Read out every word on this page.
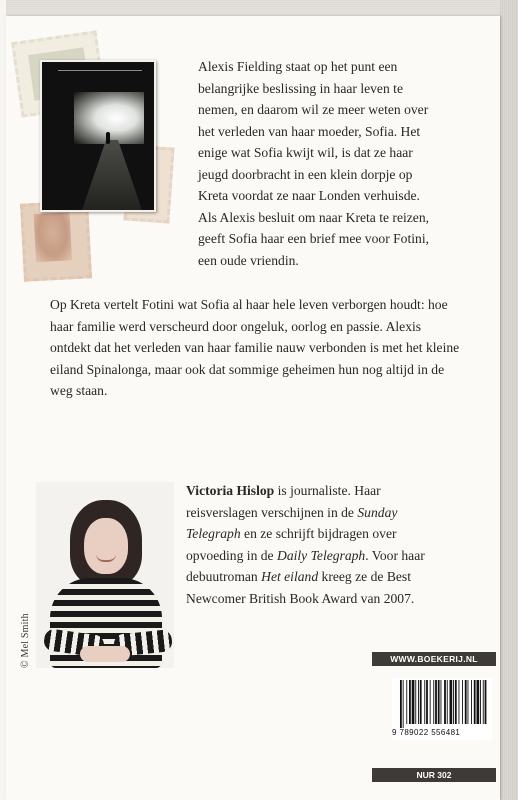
Alexis Fielding staat op het punt een belangrijke beslissing in haar leven te nemen, en daarom wil ze meer weten over het verleden van haar moeder, Sofia. Het enige wat Sofia kwijt wil, is dat ze haar jeugd doorbracht in een klein dorpje op Kreta voordat ze naar Londen verhuisde. Als Alexis besluit om naar Kreta te reizen, geeft Sofia haar een brief mee voor Fotini, een oude vriendin.

Op Kreta vertelt Fotini wat Sofia al haar hele leven verborgen houdt: hoe haar familie werd verscheurd door ongeluk, oorlog en passie. Alexis ontdekt dat het verleden van haar familie nauw verbonden is met het kleine eiland Spinalonga, maar ook dat sommige geheimen hun nog altijd in de weg staan.

© Mel Smith

Victoria Hislop is journaliste. Haar reisverslagen verschijnen in de Sunday Telegraph en ze schrijft bijdragen over opvoeding in de Daily Telegraph. Voor haar debuutroman Het eiland kreeg ze de Best Newcomer British Book Award van 2007.

WWW.BOEKERIJ.NL
9 789022 556481
NUR 302
